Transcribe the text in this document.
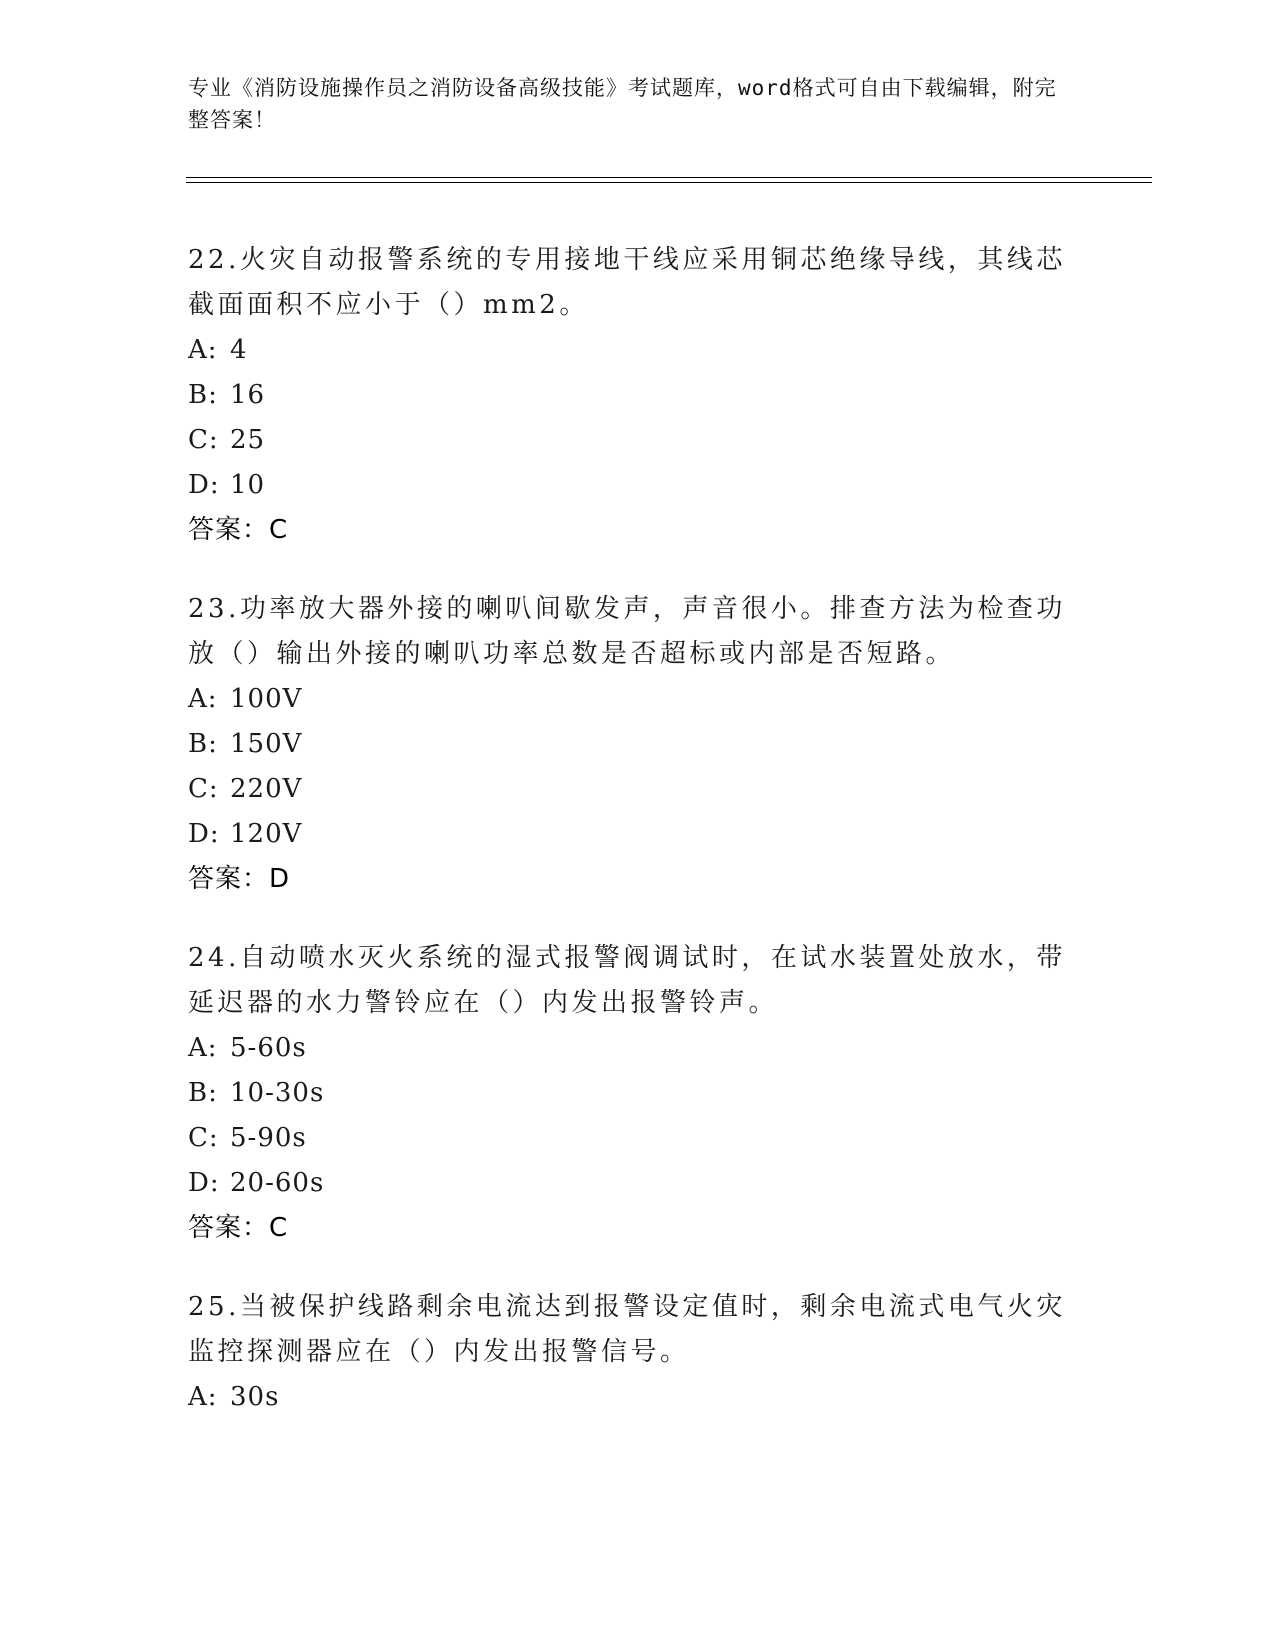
专业《消防设施操作员之消防设备高级技能》考试题库，word格式可自由下载编辑，附完整答案！

22.火灾自动报警系统的专用接地干线应采用铜芯绝缘导线，其线芯截面面积不应小于（）mm2。

A: 4
B: 16
C: 25
D: 10
答案：C

23.功率放大器外接的喇叭间歇发声，声音很小。排查方法为检查功放（）输出外接的喇叭功率总数是否超标或内部是否短路。

A: 100V
B: 150V
C: 220V
D: 120V
答案：D

24.自动喷水灭火系统的湿式报警阀调试时，在试水装置处放水，带延迟器的水力警铃应在（）内发出报警铃声。

A: 5-60s
B: 10-30s
C: 5-90s
D: 20-60s
答案：C

25.当被保护线路剩余电流达到报警设定值时，剩余电流式电气火灾监控探测器应在（）内发出报警信号。

A: 30s
